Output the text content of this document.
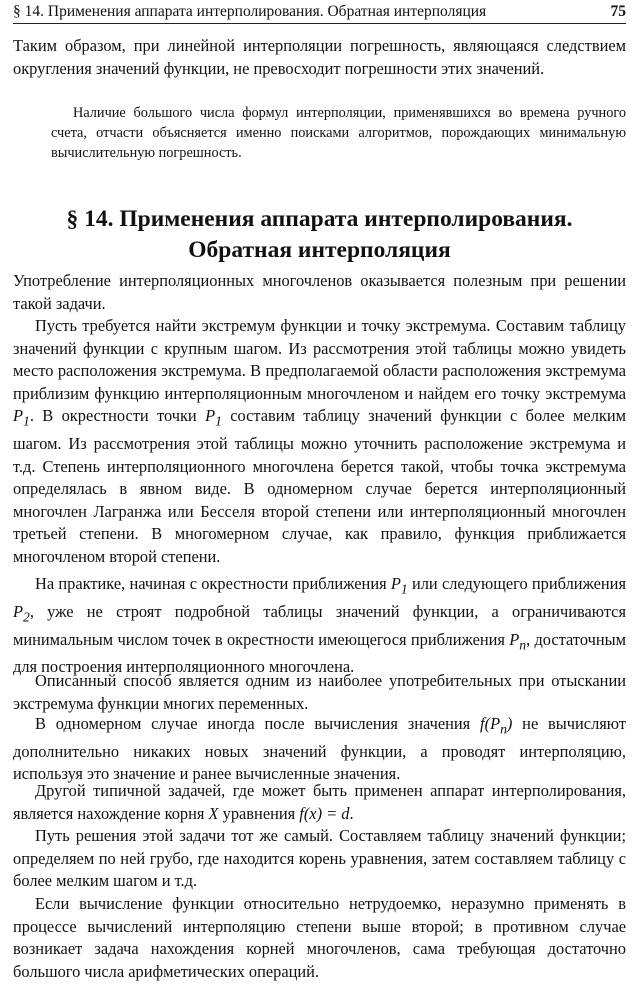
§ 14. Применения аппарата интерполирования. Обратная интерполяция	75

Таким образом, при линейной интерполяции погрешность, являющаяся следствием округления значений функции, не превосходит погрешности этих значений.

Наличие большого числа формул интерполяции, применявшихся во времена ручного счета, отчасти объясняется именно поисками алгоритмов, порождающих минимальную вычислительную погрешность.

§ 14. Применения аппарата интерполирования.
Обратная интерполяция

Употребление интерполяционных многочленов оказывается полезным при решении такой задачи.

Пусть требуется найти экстремум функции и точку экстремума. Составим таблицу значений функции с крупным шагом. Из рассмотрения этой таблицы можно увидеть место расположения экстремума. В предполагаемой области расположения экстремума приблизим функцию интерполяционным многочленом и найдем его точку экстремума $P_1$. В окрестности точки $P_1$ составим таблицу значений функции с более мелким шагом. Из рассмотрения этой таблицы можно уточнить расположение экстремума и т.д. Степень интерполяционного многочлена берется такой, чтобы точка экстремума определялась в явном виде. В одномерном случае берется интерполяционный многочлен Лагранжа или Бесселя второй степени или интерполяционный многочлен третьей степени. В многомерном случае, как правило, функция приближается многочленом второй степени.

На практике, начиная с окрестности приближения $P_1$ или следующего приближения $P_2$, уже не строят подробной таблицы значений функции, а ограничиваются минимальным числом точек в окрестности имеющегося приближения $P_n$, достаточным для построения интерполяционного многочлена.

Описанный способ является одним из наиболее употребительных при отыскании экстремума функции многих переменных.

В одномерном случае иногда после вычисления значения $f(P_n)$ не вычисляют дополнительно никаких новых значений функции, а проводят интерполяцию, используя это значение и ранее вычисленные значения.

Другой типичной задачей, где может быть применен аппарат интерполирования, является нахождение корня X уравнения f(x) = d.

Путь решения этой задачи тот же самый. Составляем таблицу значений функции; определяем по ней грубо, где находится корень уравнения, затем составляем таблицу с более мелким шагом и т.д.

Если вычисление функции относительно нетрудоемко, неразумно применять в процессе вычислений интерполяцию степени выше второй; в противном случае возникает задача нахождения корней многочленов, сама требующая достаточно большого числа арифметических операций.
